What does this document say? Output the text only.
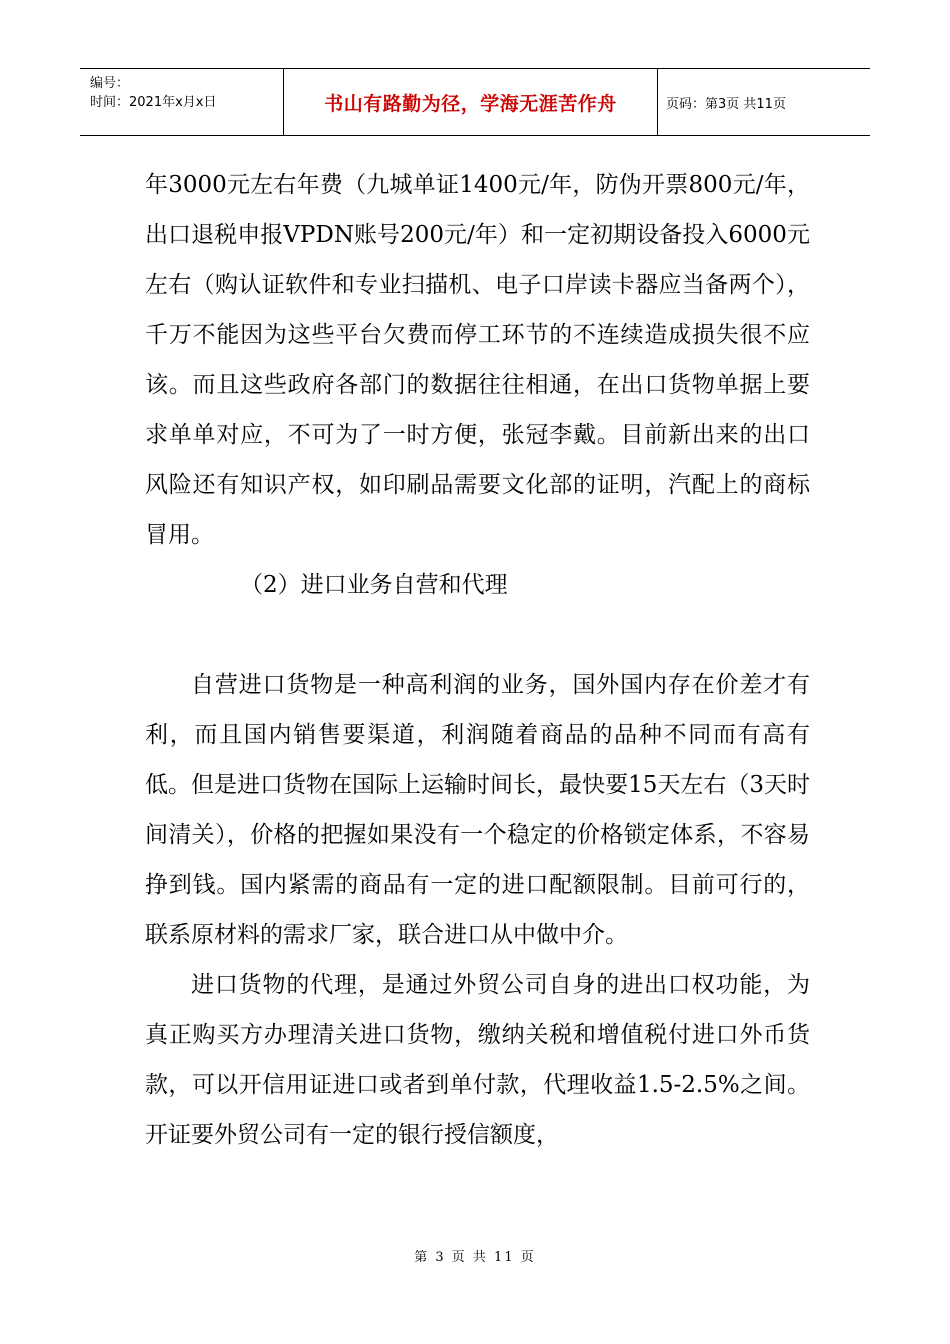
编号：
时间：2021年x月x日	书山有路勤为径，学海无涯苦作舟	页码：第3页 共11页

年3000元左右年费（九城单证1400元/年，防伪开票800元/年，出口退税申报VPDN账号200元/年）和一定初期设备投入6000元左右（购认证软件和专业扫描机、电子口岸读卡器应当备两个），千万不能因为这些平台欠费而停工环节的不连续造成损失很不应该。而且这些政府各部门的数据往往相通，在出口货物单据上要求单单对应，不可为了一时方便，张冠李戴。目前新出来的出口风险还有知识产权，如印刷品需要文化部的证明，汽配上的商标冒用。

（2）进口业务自营和代理

自营进口货物是一种高利润的业务，国外国内存在价差才有利，而且国内销售要渠道，利润随着商品的品种不同而有高有低。但是进口货物在国际上运输时间长，最快要15天左右（3天时间清关），价格的把握如果没有一个稳定的价格锁定体系，不容易挣到钱。国内紧需的商品有一定的进口配额限制。目前可行的，联系原材料的需求厂家，联合进口从中做中介。

进口货物的代理，是通过外贸公司自身的进出口权功能，为真正购买方办理清关进口货物，缴纳关税和增值税付进口外币货款，可以开信用证进口或者到单付款，代理收益1.5-2.5%之间。开证要外贸公司有一定的银行授信额度，

第 3 页 共 11 页
